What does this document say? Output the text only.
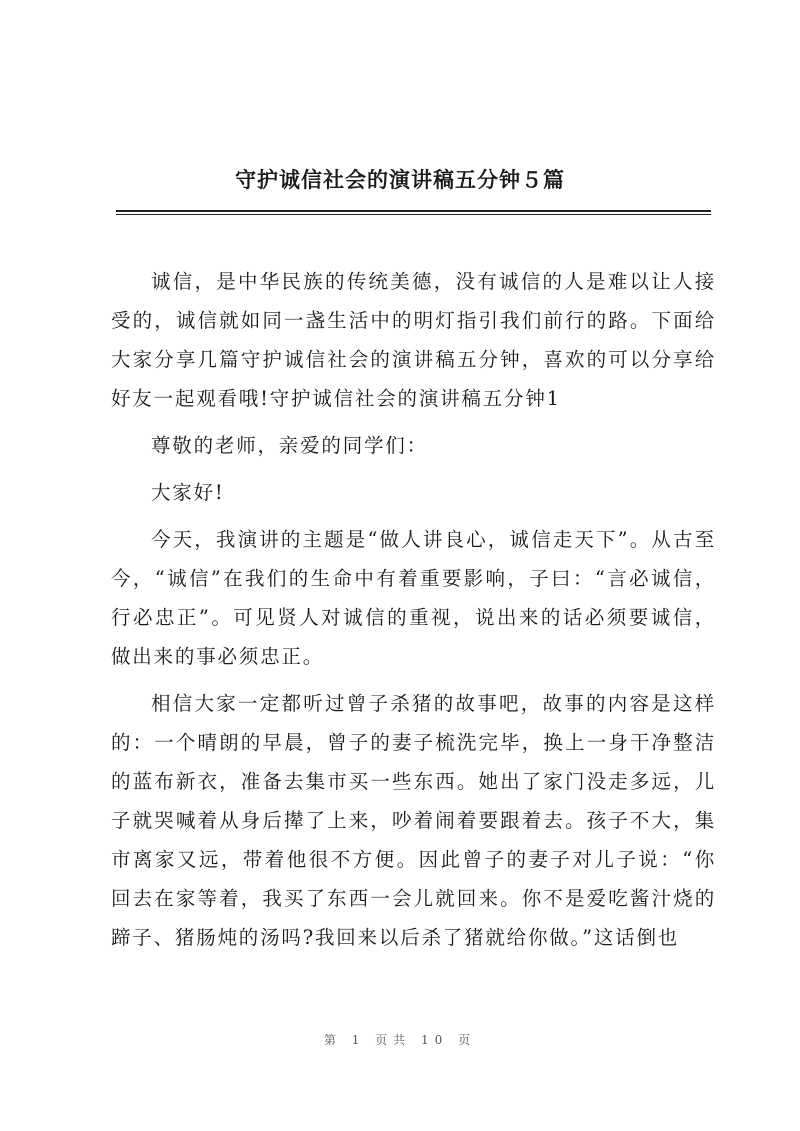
守护诚信社会的演讲稿五分钟５篇

诚信，是中华民族的传统美德，没有诚信的人是难以让人接受的，诚信就如同一盏生活中的明灯指引我们前行的路。下面给大家分享几篇守护诚信社会的演讲稿五分钟，喜欢的可以分享给好友一起观看哦!守护诚信社会的演讲稿五分钟1

尊敬的老师，亲爱的同学们：

大家好!

今天，我演讲的主题是“做人讲良心，诚信走天下”。从古至今，“诚信”在我们的生命中有着重要影响，子曰：“言必诚信，行必忠正”。可见贤人对诚信的重视，说出来的话必须要诚信，做出来的事必须忠正。

相信大家一定都听过曾子杀猪的故事吧，故事的内容是这样的：一个晴朗的早晨，曾子的妻子梳洗完毕，换上一身干净整洁的蓝布新衣，准备去集市买一些东西。她出了家门没走多远，儿子就哭喊着从身后撵了上来，吵着闹着要跟着去。孩子不大，集市离家又远，带着他很不方便。因此曾子的妻子对儿子说：“你回去在家等着，我买了东西一会儿就回来。你不是爱吃酱汁烧的蹄子、猪肠炖的汤吗?我回来以后杀了猪就给你做。”这话倒也

第 1 页共 10 页
